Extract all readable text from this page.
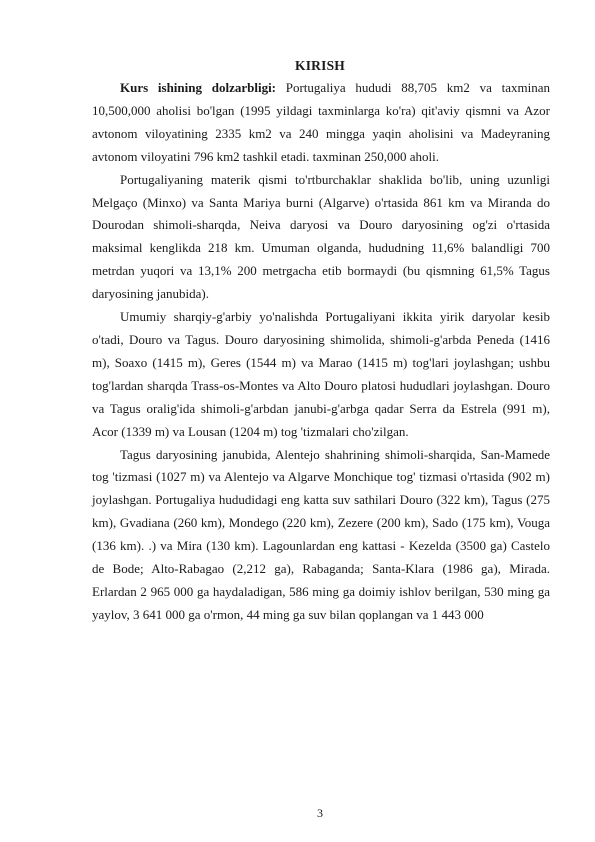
KIRISH

Kurs ishining dolzarbligi: Portugaliya hududi 88,705 km2 va taxminan 10,500,000 aholisi bo'lgan (1995 yildagi taxminlarga ko'ra) qit'aviy qismni va Azor avtonom viloyatining 2335 km2 va 240 mingga yaqin aholisini va Madeyraning avtonom viloyatini 796 km2 tashkil etadi. taxminan 250,000 aholi.

Portugaliyaning materik qismi to'rtburchaklar shaklida bo'lib, uning uzunligi Melgaço (Minxo) va Santa Mariya burni (Algarve) o'rtasida 861 km va Miranda do Dourodan shimoli-sharqda, Neiva daryosi va Douro daryosining og'zi o'rtasida maksimal kenglikda 218 km. Umuman olganda, hududning 11,6% balandligi 700 metrdan yuqori va 13,1% 200 metrgacha etib bormaydi (bu qismning 61,5% Tagus daryosining janubida).

Umumiy sharqiy-g'arbiy yo'nalishda Portugaliyani ikkita yirik daryolar kesib o'tadi, Douro va Tagus. Douro daryosining shimolida, shimoli-g'arbda Peneda (1416 m), Soaxo (1415 m), Geres (1544 m) va Marao (1415 m) tog'lari joylashgan; ushbu tog'lardan sharqda Trass-os-Montes va Alto Douro platosi hududlari joylashgan. Douro va Tagus oralig'ida shimoli-g'arbdan janubi-g'arbga qadar Serra da Estrela (991 m), Acor (1339 m) va Lousan (1204 m) tog 'tizmalari cho'zilgan.

Tagus daryosining janubida, Alentejo shahrining shimoli-sharqida, San-Mamede tog 'tizmasi (1027 m) va Alentejo va Algarve Monchique tog' tizmasi o'rtasida (902 m) joylashgan. Portugaliya hududidagi eng katta suv sathilari Douro (322 km), Tagus (275 km), Gvadiana (260 km), Mondego (220 km), Zezere (200 km), Sado (175 km), Vouga (136 km). .) va Mira (130 km). Lagounlardan eng kattasi - Kezelda (3500 ga) Castelo de Bode; Alto-Rabagao (2,212 ga), Rabaganda; Santa-Klara (1986 ga), Mirada. Erlardan 2 965 000 ga haydaladigan, 586 ming ga doimiy ishlov berilgan, 530 ming ga yaylov, 3 641 000 ga o'rmon, 44 ming ga suv bilan qoplangan va 1 443 000

3
